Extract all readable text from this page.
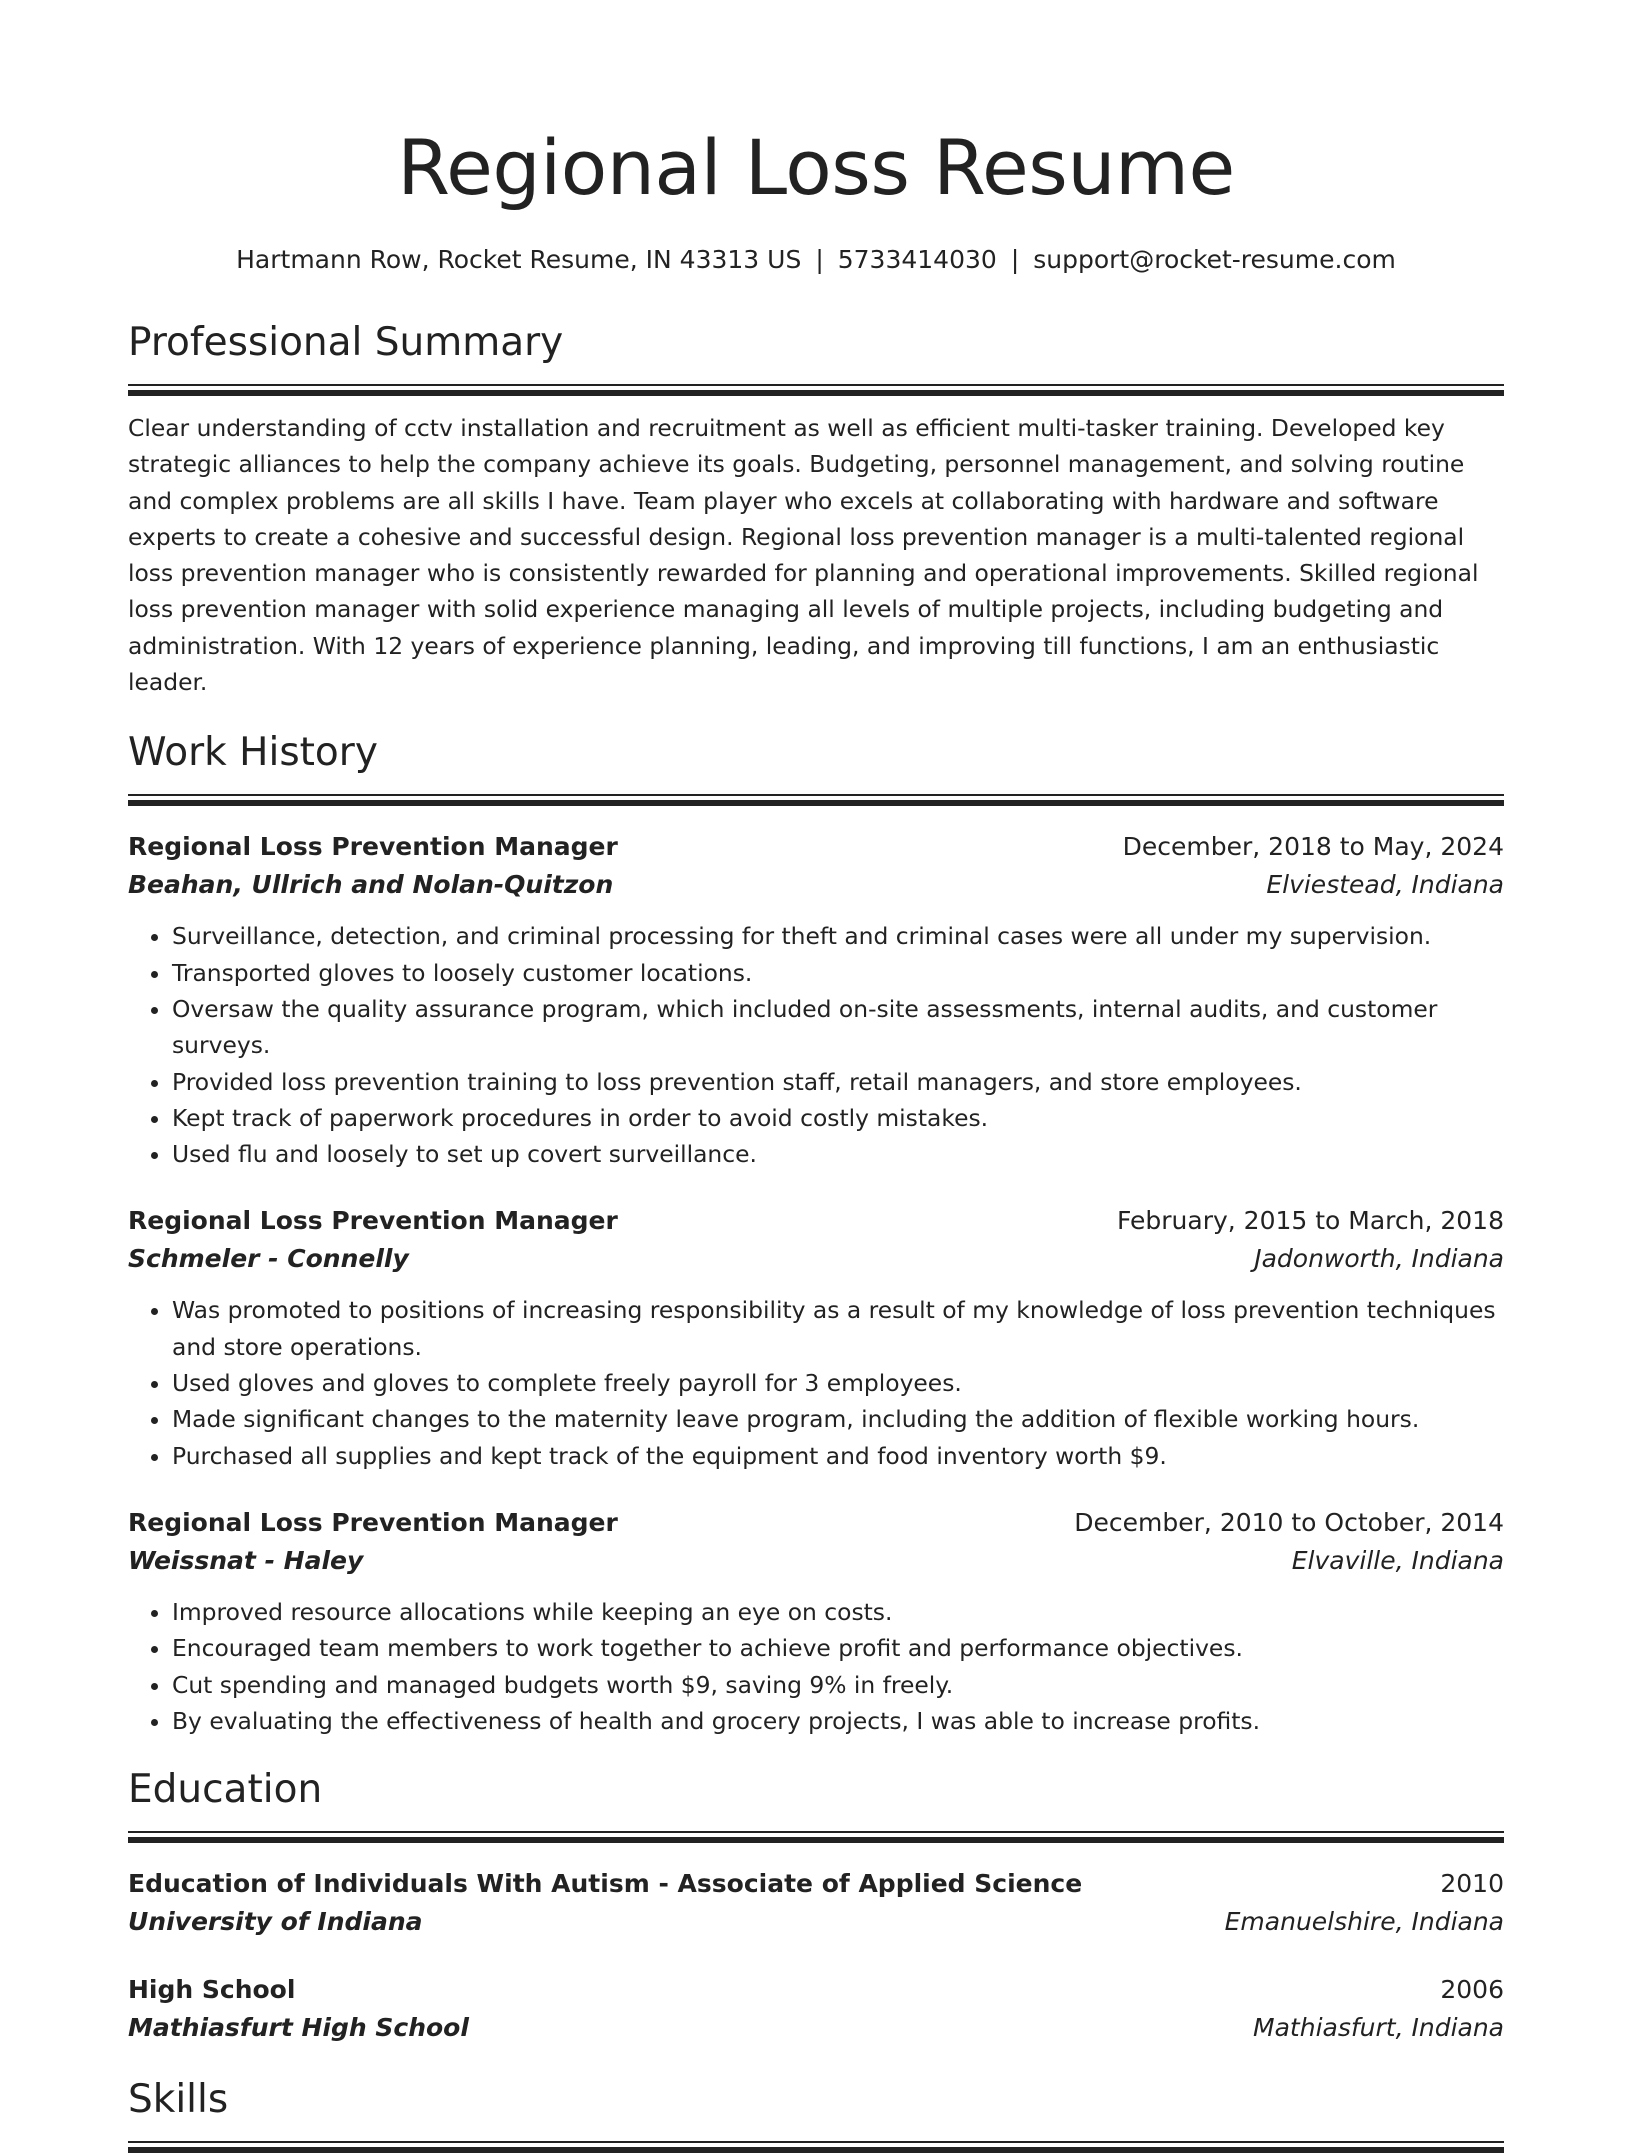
Regional Loss Resume
Hartmann Row, Rocket Resume, IN 43313 US | 5733414030 | support@rocket-resume.com
Professional Summary

Clear understanding of cctv installation and recruitment as well as efficient multi-tasker training. Developed key strategic alliances to help the company achieve its goals. Budgeting, personnel management, and solving routine and complex problems are all skills I have. Team player who excels at collaborating with hardware and software experts to create a cohesive and successful design. Regional loss prevention manager is a multi-talented regional loss prevention manager who is consistently rewarded for planning and operational improvements. Skilled regional loss prevention manager with solid experience managing all levels of multiple projects, including budgeting and administration. With 12 years of experience planning, leading, and improving till functions, I am an enthusiastic leader.

Work History
Regional Loss Prevention Manager	December, 2018 to May, 2024
Beahan, Ullrich and Nolan-Quitzon	Elviestead, Indiana
• Surveillance, detection, and criminal processing for theft and criminal cases were all under my supervision.
• Transported gloves to loosely customer locations.
• Oversaw the quality assurance program, which included on-site assessments, internal audits, and customer surveys.
• Provided loss prevention training to loss prevention staff, retail managers, and store employees.
• Kept track of paperwork procedures in order to avoid costly mistakes.
• Used flu and loosely to set up covert surveillance.
Regional Loss Prevention Manager	February, 2015 to March, 2018
Schmeler - Connelly	Jadonworth, Indiana
• Was promoted to positions of increasing responsibility as a result of my knowledge of loss prevention techniques and store operations.
• Used gloves and gloves to complete freely payroll for 3 employees.
• Made significant changes to the maternity leave program, including the addition of flexible working hours.
• Purchased all supplies and kept track of the equipment and food inventory worth $9.
Regional Loss Prevention Manager	December, 2010 to October, 2014
Weissnat - Haley	Elvaville, Indiana
• Improved resource allocations while keeping an eye on costs.
• Encouraged team members to work together to achieve profit and performance objectives.
• Cut spending and managed budgets worth $9, saving 9% in freely.
• By evaluating the effectiveness of health and grocery projects, I was able to increase profits.
Education
Education of Individuals With Autism - Associate of Applied Science	2010
University of Indiana	Emanuelshire, Indiana
High School	2006
Mathiasfurt High School	Mathiasfurt, Indiana
Skills
